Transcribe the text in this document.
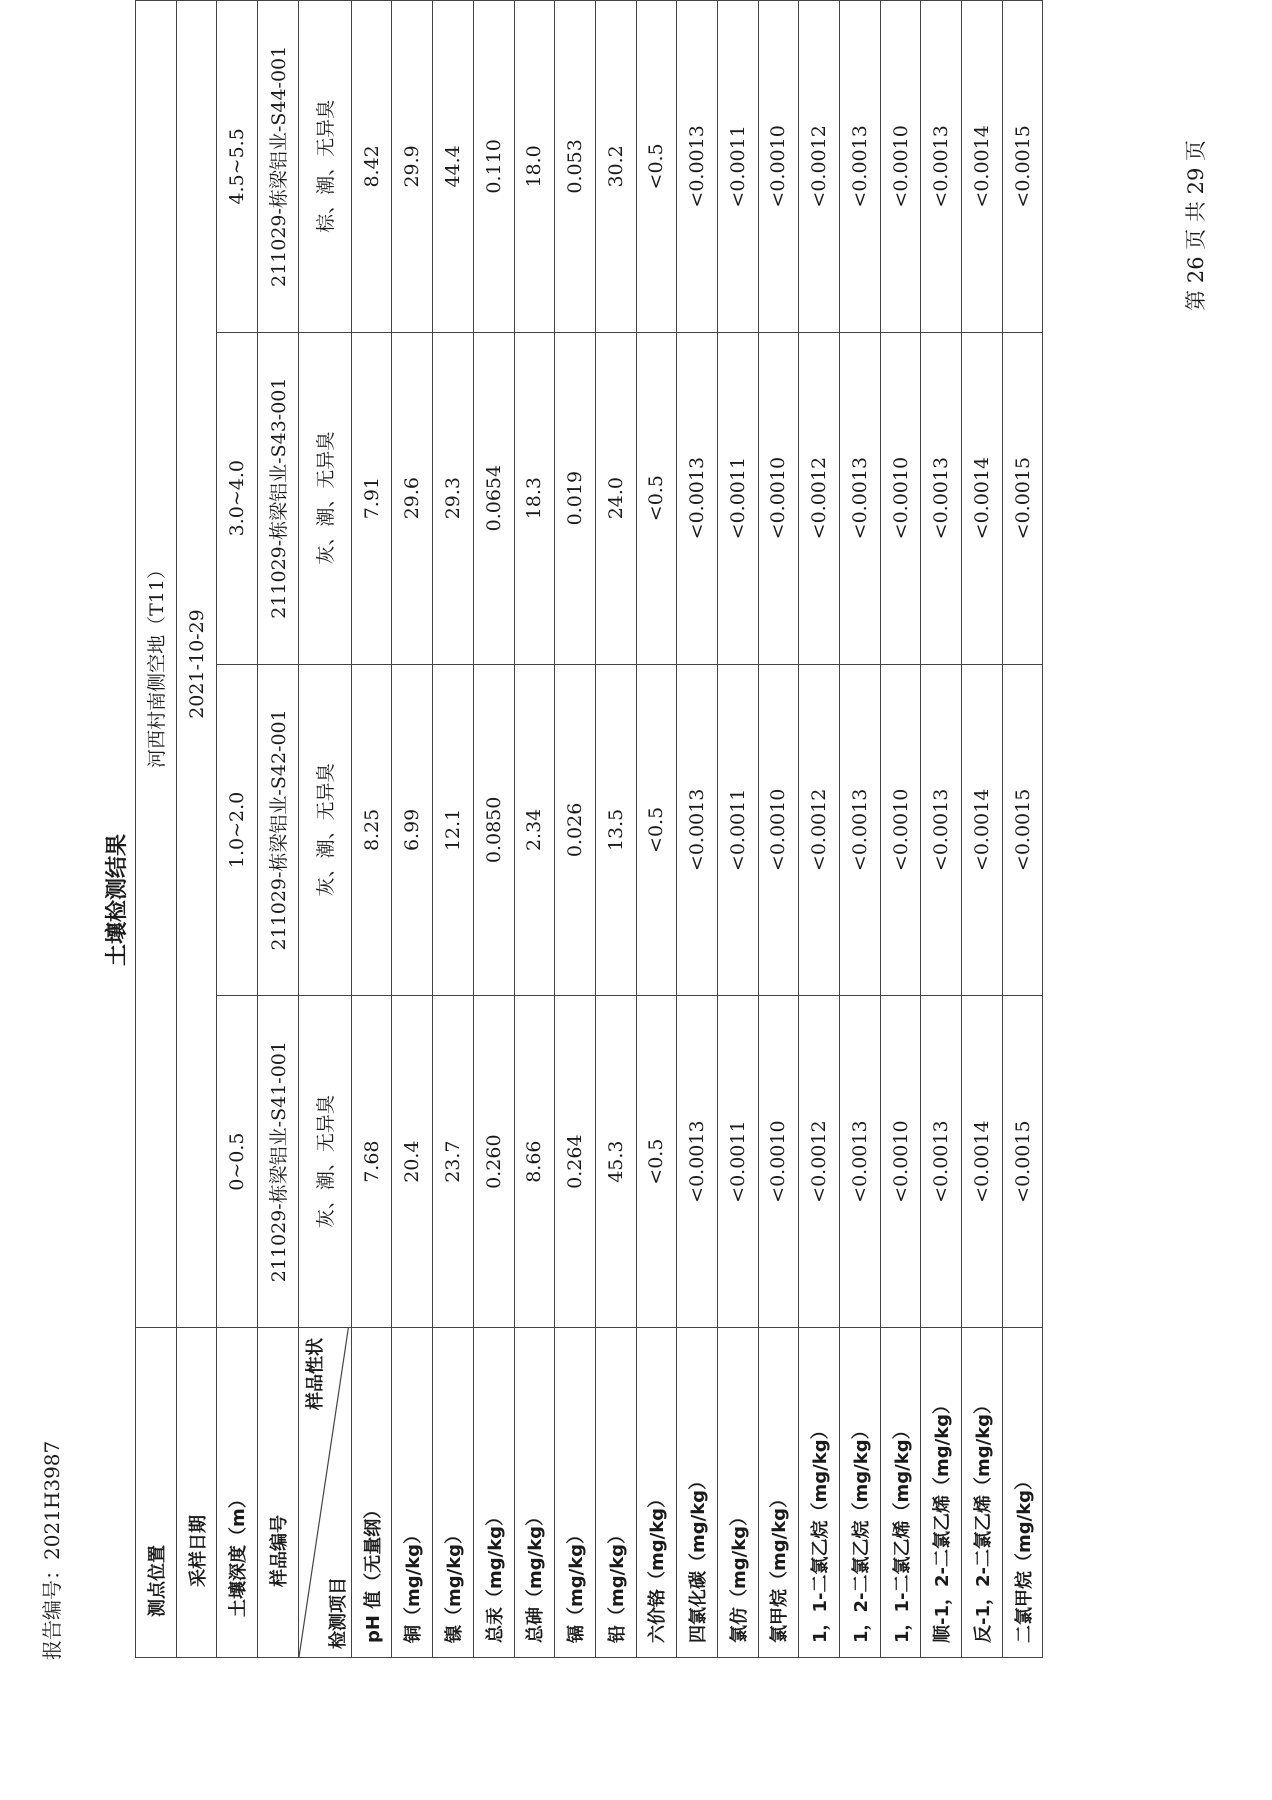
报告编号：2021H3987
第 26 页 共 29 页
土壤检测结果
测点位置	河西村南侧空地（T11）			
采样日期	2021-10-29			
土壤深度（m）	0~0.5	1.0~2.0	3.0~4.0	4.5~5.5
样品编号	211029-栋梁铝业-S41-001	211029-栋梁铝业-S42-001	211029-栋梁铝业-S43-001	211029-栋梁铝业-S44-001

样品性状
检测项目	灰、潮、无异臭	灰、潮、无异臭	灰、潮、无异臭	棕、潮、无异臭
pH 值（无量纲）	7.68	8.25	7.91	8.42
铜（mg/kg）	20.4	6.99	29.6	29.9
镍（mg/kg）	23.7	12.1	29.3	44.4
总汞（mg/kg）	0.260	0.0850	0.0654	0.110
总砷（mg/kg）	8.66	2.34	18.3	18.0
镉（mg/kg）	0.264	0.026	0.019	0.053
铅（mg/kg）	45.3	13.5	24.0	30.2
六价铬（mg/kg）	<0.5	<0.5	<0.5	<0.5
四氯化碳（mg/kg）	<0.0013	<0.0013	<0.0013	<0.0013
氯仿（mg/kg）	<0.0011	<0.0011	<0.0011	<0.0011
氯甲烷（mg/kg）	<0.0010	<0.0010	<0.0010	<0.0010
1，1-二氯乙烷（mg/kg）	<0.0012	<0.0012	<0.0012	<0.0012
1，2-二氯乙烷（mg/kg）	<0.0013	<0.0013	<0.0013	<0.0013
1，1-二氯乙烯（mg/kg）	<0.0010	<0.0010	<0.0010	<0.0010
顺-1，2-二氯乙烯（mg/kg）	<0.0013	<0.0013	<0.0013	<0.0013
反-1，2-二氯乙烯（mg/kg）	<0.0014	<0.0014	<0.0014	<0.0014
二氯甲烷（mg/kg）	<0.0015	<0.0015	<0.0015	<0.0015
